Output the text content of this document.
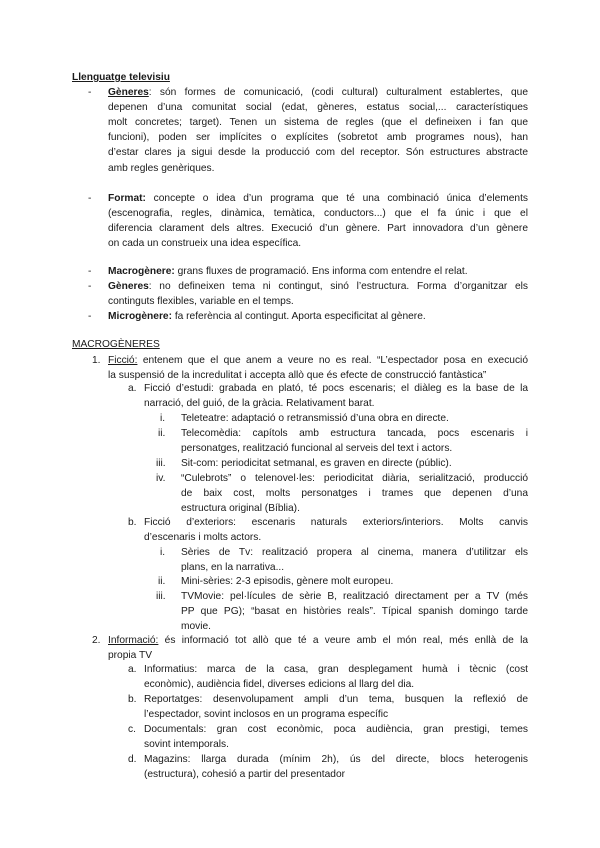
Llenguatge televisiu
- Gèneres: són formes de comunicació, (codi cultural) culturalment establertes, que
depenen d’una comunitat social (edat, gèneres, estatus social,... característiques
molt concretes; target). Tenen un sistema de regles (que el defineixen i fan que
funcioni), poden ser implícites o explícites (sobretot amb programes nous), han
d’estar clares ja sigui desde la producció com del receptor. Són estructures abstracte
amb regles genèriques.
- Format: concepte o idea d’un programa que té una combinació única d’elements
(escenografia, regles, dinàmica, temàtica, conductors...) que el fa únic i que el
diferencia clarament dels altres. Execució d’un gènere. Part innovadora d’un gènere
on cada un construeix una idea específica.
- Macrogènere: grans fluxes de programació. Ens informa com entendre el relat.
- Gèneres: no defineixen tema ni contingut, sinó l’estructura. Forma d’organitzar els
continguts flexibles, variable en el temps.
- Microgènere: fa referència al contingut. Aporta especificitat al gènere.
MACROGÈNERES
1. Ficció: entenem que el que anem a veure no es real. “L’espectador posa en execució
la suspensió de la incredulitat i accepta allò que és efecte de construcció fantàstica”
a. Ficció d’estudi: grabada en plató, té pocs escenaris; el diàleg es la base de la
narració, del guió, de la gràcia. Relativament barat.
i. Teleteatre: adaptació o retransmissió d’una obra en directe.
ii. Telecomèdia: capítols amb estructura tancada, pocs escenaris i
personatges, realització funcional al serveis del text i actors.
iii. Sit-com: periodicitat setmanal, es graven en directe (públic).
iv. “Culebrots” o telenovel·les: periodicitat diària, serialització, producció
de baix cost, molts personatges i trames que depenen d’una
estructura original (Bíblia).
b. Ficció d’exteriors: escenaris naturals exteriors/interiors. Molts canvis
d’escenaris i molts actors.
i. Sèries de Tv: realització propera al cinema, manera d’utilitzar els
plans, en la narrativa...
ii. Mini-sèries: 2-3 episodis, gènere molt europeu.
iii. TVMovie: pel·lícules de sèrie B, realització directament per a TV (més
PP que PG); “basat en històries reals”. Típical spanish domingo tarde
movie.
2. Informació: és informació tot allò que té a veure amb el món real, més enllà de la
propia TV
a. Informatius: marca de la casa, gran desplegament humà i tècnic (cost
econòmic), audiència fidel, diverses edicions al llarg del dia.
b. Reportatges: desenvolupament ampli d’un tema, busquen la reflexió de
l’espectador, sovint inclosos en un programa específic
c. Documentals: gran cost econòmic, poca audiència, gran prestigi, temes
sovint intemporals.
d. Magazins: llarga durada (mínim 2h), ús del directe, blocs heterogenis
(estructura), cohesió a partir del presentador
